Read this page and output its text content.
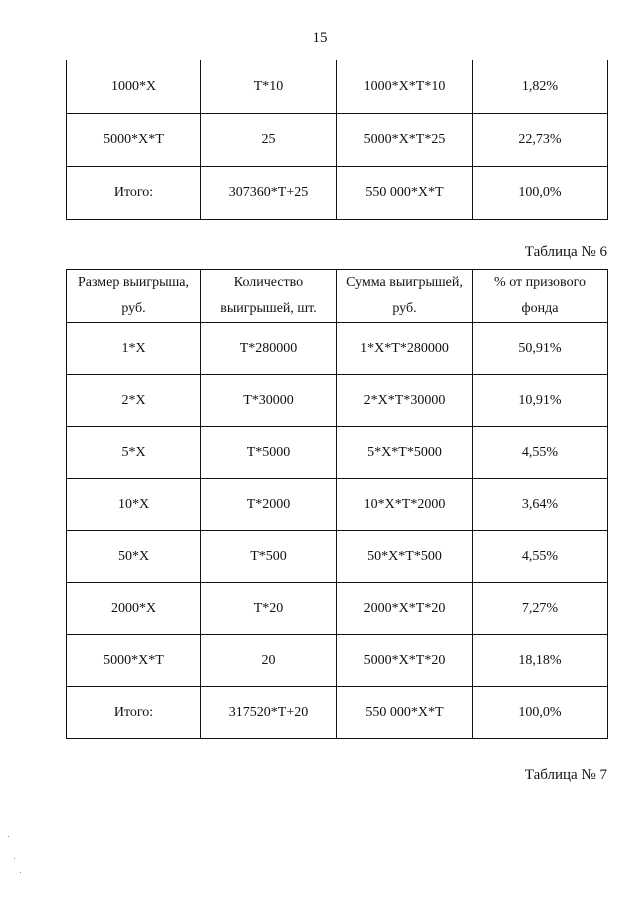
15
1000*X	T*10	1000*X*T*10	1,82%
5000*X*T	25	5000*X*T*25	22,73%
Итого:	307360*T+25	550 000*X*T	100,0%
Таблица № 6
Размер выигрыша, руб.	Количество выигрышей, шт.	Сумма выигрышей, руб.	% от призового фонда
1*X	T*280000	1*X*T*280000	50,91%
2*X	T*30000	2*X*T*30000	10,91%
5*X	T*5000	5*X*T*5000	4,55%
10*X	T*2000	10*X*T*2000	3,64%
50*X	T*500	50*X*T*500	4,55%
2000*X	T*20	2000*X*T*20	7,27%
5000*X*T	20	5000*X*T*20	18,18%
Итого:	317520*T+20	550 000*X*T	100,0%
Таблица № 7
